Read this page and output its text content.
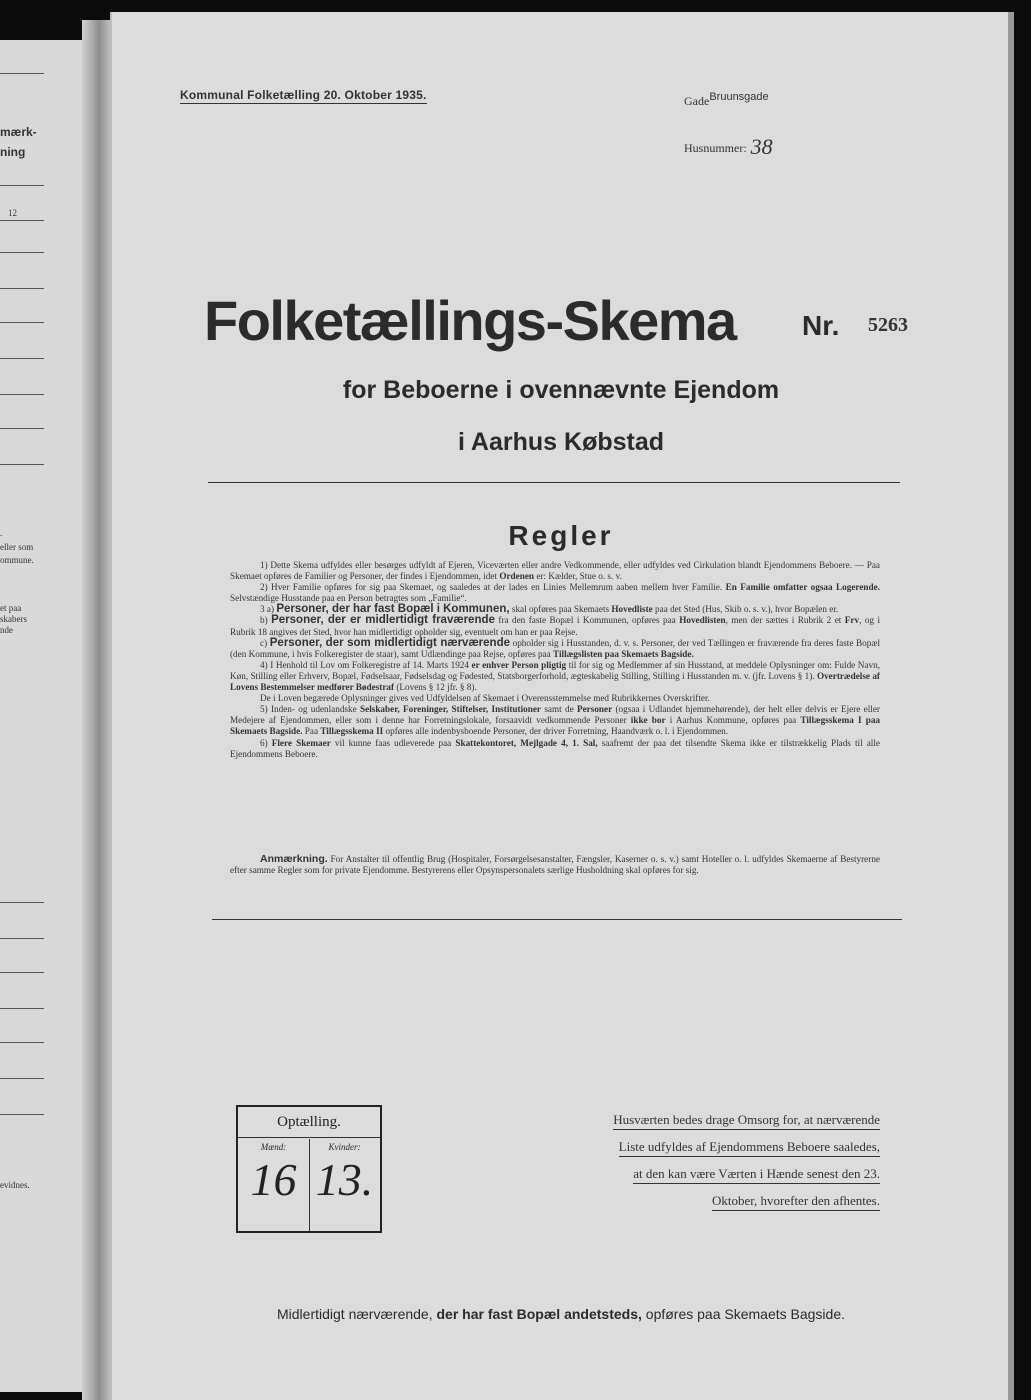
mærk-
ning
12
.
eller som
ommune.
et paa
skabers
nde
evidnes.
Kommunal Folketælling 20. Oktober 1935.	GadeBruunsgade
Husnummer: 38
Folketællings-Skema Nr. 5263
for Beboerne i ovennævnte Ejendom
i Aarhus Købstad
Regler

1) Dette Skema udfyldes eller besørges udfyldt af Ejeren, Viceværten eller andre Vedkommende, eller udfyldes ved Cirkulation blandt Ejendommens Beboere. — Paa Skemaet opføres de Familier og Personer, der findes i Ejendommen, idet Ordenen er: Kælder, Stue o. s. v.

2) Hver Familie opføres for sig paa Skemaet, og saaledes at der lades en Linies Mellemrum aaben mellem hver Familie. En Familie omfatter ogsaa Logerende. Selvstændige Husstande paa en Person betragtes som „Familie“.

3 a) Personer, der har fast Bopæl i Kommunen, skal opføres paa Skemaets Hovedliste paa det Sted (Hus, Skib o. s. v.), hvor Bopælen er.

b) Personer, der er midlertidigt fraværende fra den faste Bopæl i Kommunen, opføres paa Hovedlisten, men der sættes i Rubrik 2 et Frv, og i Rubrik 18 angives det Sted, hvor han midlertidigt opholder sig, eventuelt om han er paa Rejse.

c) Personer, der som midlertidigt nærværende opholder sig i Husstanden, d. v. s. Personer, der ved Tællingen er fraværende fra deres faste Bopæl (den Kommune, i hvis Folkeregister de staar), samt Udlændinge paa Rejse, opføres paa Tillægslisten paa Skemaets Bagside.

4) I Henhold til Lov om Folkeregistre af 14. Marts 1924 er enhver Person pligtig til for sig og Medlemmer af sin Husstand, at meddele Oplysninger om: Fulde Navn, Køn, Stilling eller Erhverv, Bopæl, Fødselsaar, Fødselsdag og Fødested, Statsborgerforhold, ægteskabelig Stilling, Stilling i Husstanden m. v. (jfr. Lovens § 1). Overtrædelse af Lovens Bestemmelser medfører Bødestraf (Lovens § 12 jfr. § 8).

De i Loven begærede Oplysninger gives ved Udfyldelsen af Skemaet i Overensstemmelse med Rubrikkernes Overskrifter.

5) Inden- og udenlandske Selskaber, Foreninger, Stiftelser, Institutioner samt de Personer (ogsaa i Udlandet hjemmehørende), der helt eller delvis er Ejere eller Medejere af Ejendommen, eller som i denne har Forretningslokale, forsaavidt vedkommende Personer ikke bor i Aarhus Kommune, opføres paa Tillægsskema I paa Skemaets Bagside. Paa Tillægsskema II opføres alle indenbysboende Personer, der driver Forretning, Haandværk o. l. i Ejendommen.

6) Flere Skemaer vil kunne faas udleverede paa Skattekontoret, Mejlgade 4, 1. Sal, saafremt der paa det tilsendte Skema ikke er tilstrækkelig Plads til alle Ejendommens Beboere.

Anmærkning. For Anstalter til offentlig Brug (Hospitaler, Forsørgelsesanstalter, Fængsler, Kaserner o. s. v.) samt Hoteller o. l. udfyldes Skemaerne af Bestyrerne efter samme Regler som for private Ejendomme. Bestyrerens eller Opsynspersonalets særlige Husholdning skal opføres for sig.
Optælling.
Mænd:
16
Kvinder:
13.
Husværten bedes drage Omsorg for, at nærværende
Liste udfyldes af Ejendommens Beboere saaledes,
at den kan være Værten i Hænde senest den 23.
Oktober, hvorefter den afhentes.
Midlertidigt nærværende, der har fast Bopæl andetsteds, opføres paa Skemaets Bagside.
